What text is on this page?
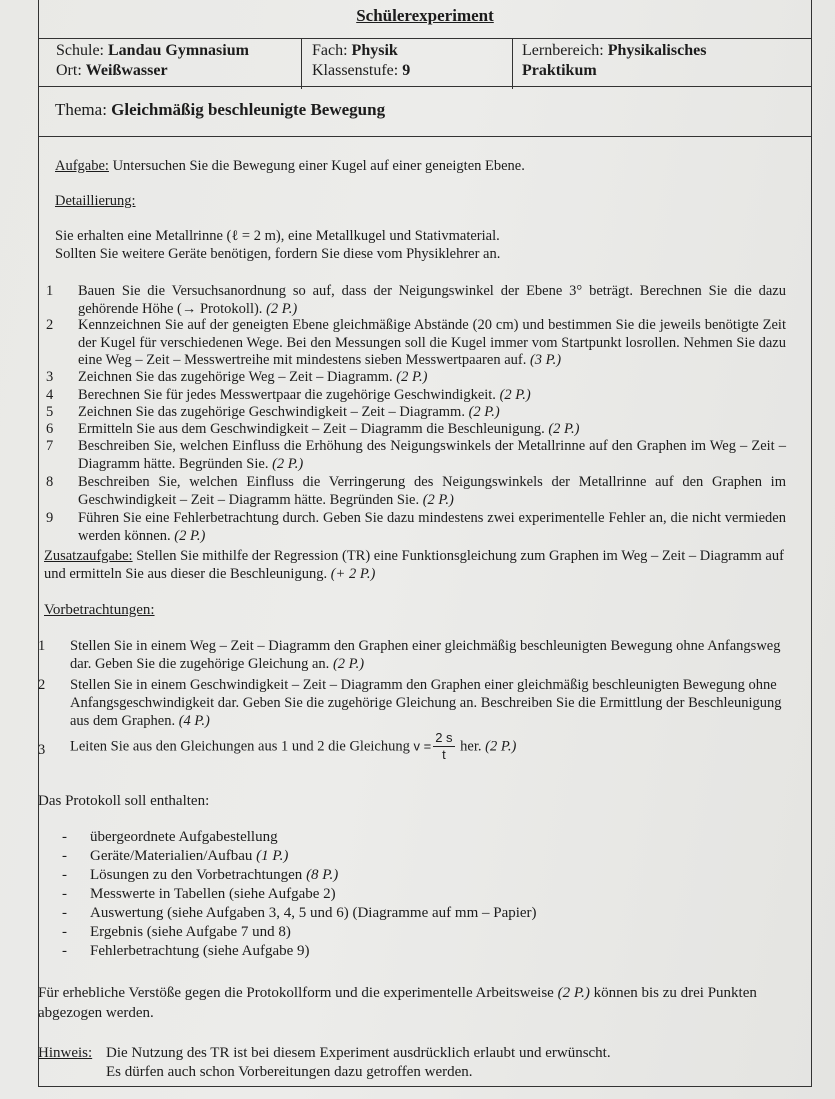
Schülerexperiment
Schule: Landau Gymnasium
Ort: Weißwasser
Fach: Physik
Klassenstufe: 9
Lernbereich: Physikalisches
Praktikum
Thema: Gleichmäßig beschleunigte Bewegung
Aufgabe: Untersuchen Sie die Bewegung einer Kugel auf einer geneigten Ebene.
Detaillierung:
Sie erhalten eine Metallrinne (ℓ = 2 m), eine Metallkugel und Stativmaterial.
Sollten Sie weitere Geräte benötigen, fordern Sie diese vom Physiklehrer an.
1	Bauen Sie die Versuchsanordnung so auf, dass der Neigungswinkel der Ebene 3° beträgt. Berechnen Sie die dazu gehörende Höhe (→ Protokoll). (2 P.)
2	Kennzeichnen Sie auf der geneigten Ebene gleichmäßige Abstände (20 cm) und bestimmen Sie die jeweils benötigte Zeit der Kugel für verschiedenen Wege. Bei den Messungen soll die Kugel immer vom Startpunkt losrollen. Nehmen Sie dazu eine Weg – Zeit – Messwertreihe mit mindestens sieben Messwertpaaren auf. (3 P.)
3	Zeichnen Sie das zugehörige Weg – Zeit – Diagramm. (2 P.)
4	Berechnen Sie für jedes Messwertpaar die zugehörige Geschwindigkeit. (2 P.)
5	Zeichnen Sie das zugehörige Geschwindigkeit – Zeit – Diagramm. (2 P.)
6	Ermitteln Sie aus dem Geschwindigkeit – Zeit – Diagramm die Beschleunigung. (2 P.)
7	Beschreiben Sie, welchen Einfluss die Erhöhung des Neigungswinkels der Metallrinne auf den Graphen im Weg – Zeit – Diagramm hätte. Begründen Sie. (2 P.)
8	Beschreiben Sie, welchen Einfluss die Verringerung des Neigungswinkels der Metallrinne auf den Graphen im Geschwindigkeit – Zeit – Diagramm hätte. Begründen Sie. (2 P.)
9	Führen Sie eine Fehlerbetrachtung durch. Geben Sie dazu mindestens zwei experimentelle Fehler an, die nicht vermieden werden können. (2 P.)
Zusatzaufgabe: Stellen Sie mithilfe der Regression (TR) eine Funktionsgleichung zum Graphen im Weg – Zeit – Diagramm auf und ermitteln Sie aus dieser die Beschleunigung. (+ 2 P.)
Vorbetrachtungen:
1 Stellen Sie in einem Weg – Zeit – Diagramm den Graphen einer gleichmäßig beschleunigten Bewegung ohne Anfangsweg dar. Geben Sie die zugehörige Gleichung an. (2 P.)
2 Stellen Sie in einem Geschwindigkeit – Zeit – Diagramm den Graphen einer gleichmäßig beschleunigten Bewegung ohne Anfangsgeschwindigkeit dar. Geben Sie die zugehörige Gleichung an. Beschreiben Sie die Ermittlung der Beschleunigung aus dem Graphen. (4 P.)
3 Leiten Sie aus den Gleichungen aus 1 und 2 die Gleichung $v = \frac{2 s}{t}$ her. (2 P.)
Das Protokoll soll enthalten:
- übergeordnete Aufgabestellung
- Geräte/Materialien/Aufbau (1 P.)
- Lösungen zu den Vorbetrachtungen (8 P.)
- Messwerte in Tabellen (siehe Aufgabe 2)
- Auswertung (siehe Aufgaben 3, 4, 5 und 6) (Diagramme auf mm – Papier)
- Ergebnis (siehe Aufgabe 7 und 8)
- Fehlerbetrachtung (siehe Aufgabe 9)
Für erhebliche Verstöße gegen die Protokollform und die experimentelle Arbeitsweise (2 P.) können bis zu drei Punkten abgezogen werden.
Hinweis: Die Nutzung des TR ist bei diesem Experiment ausdrücklich erlaubt und erwünscht.
Es dürfen auch schon Vorbereitungen dazu getroffen werden.
